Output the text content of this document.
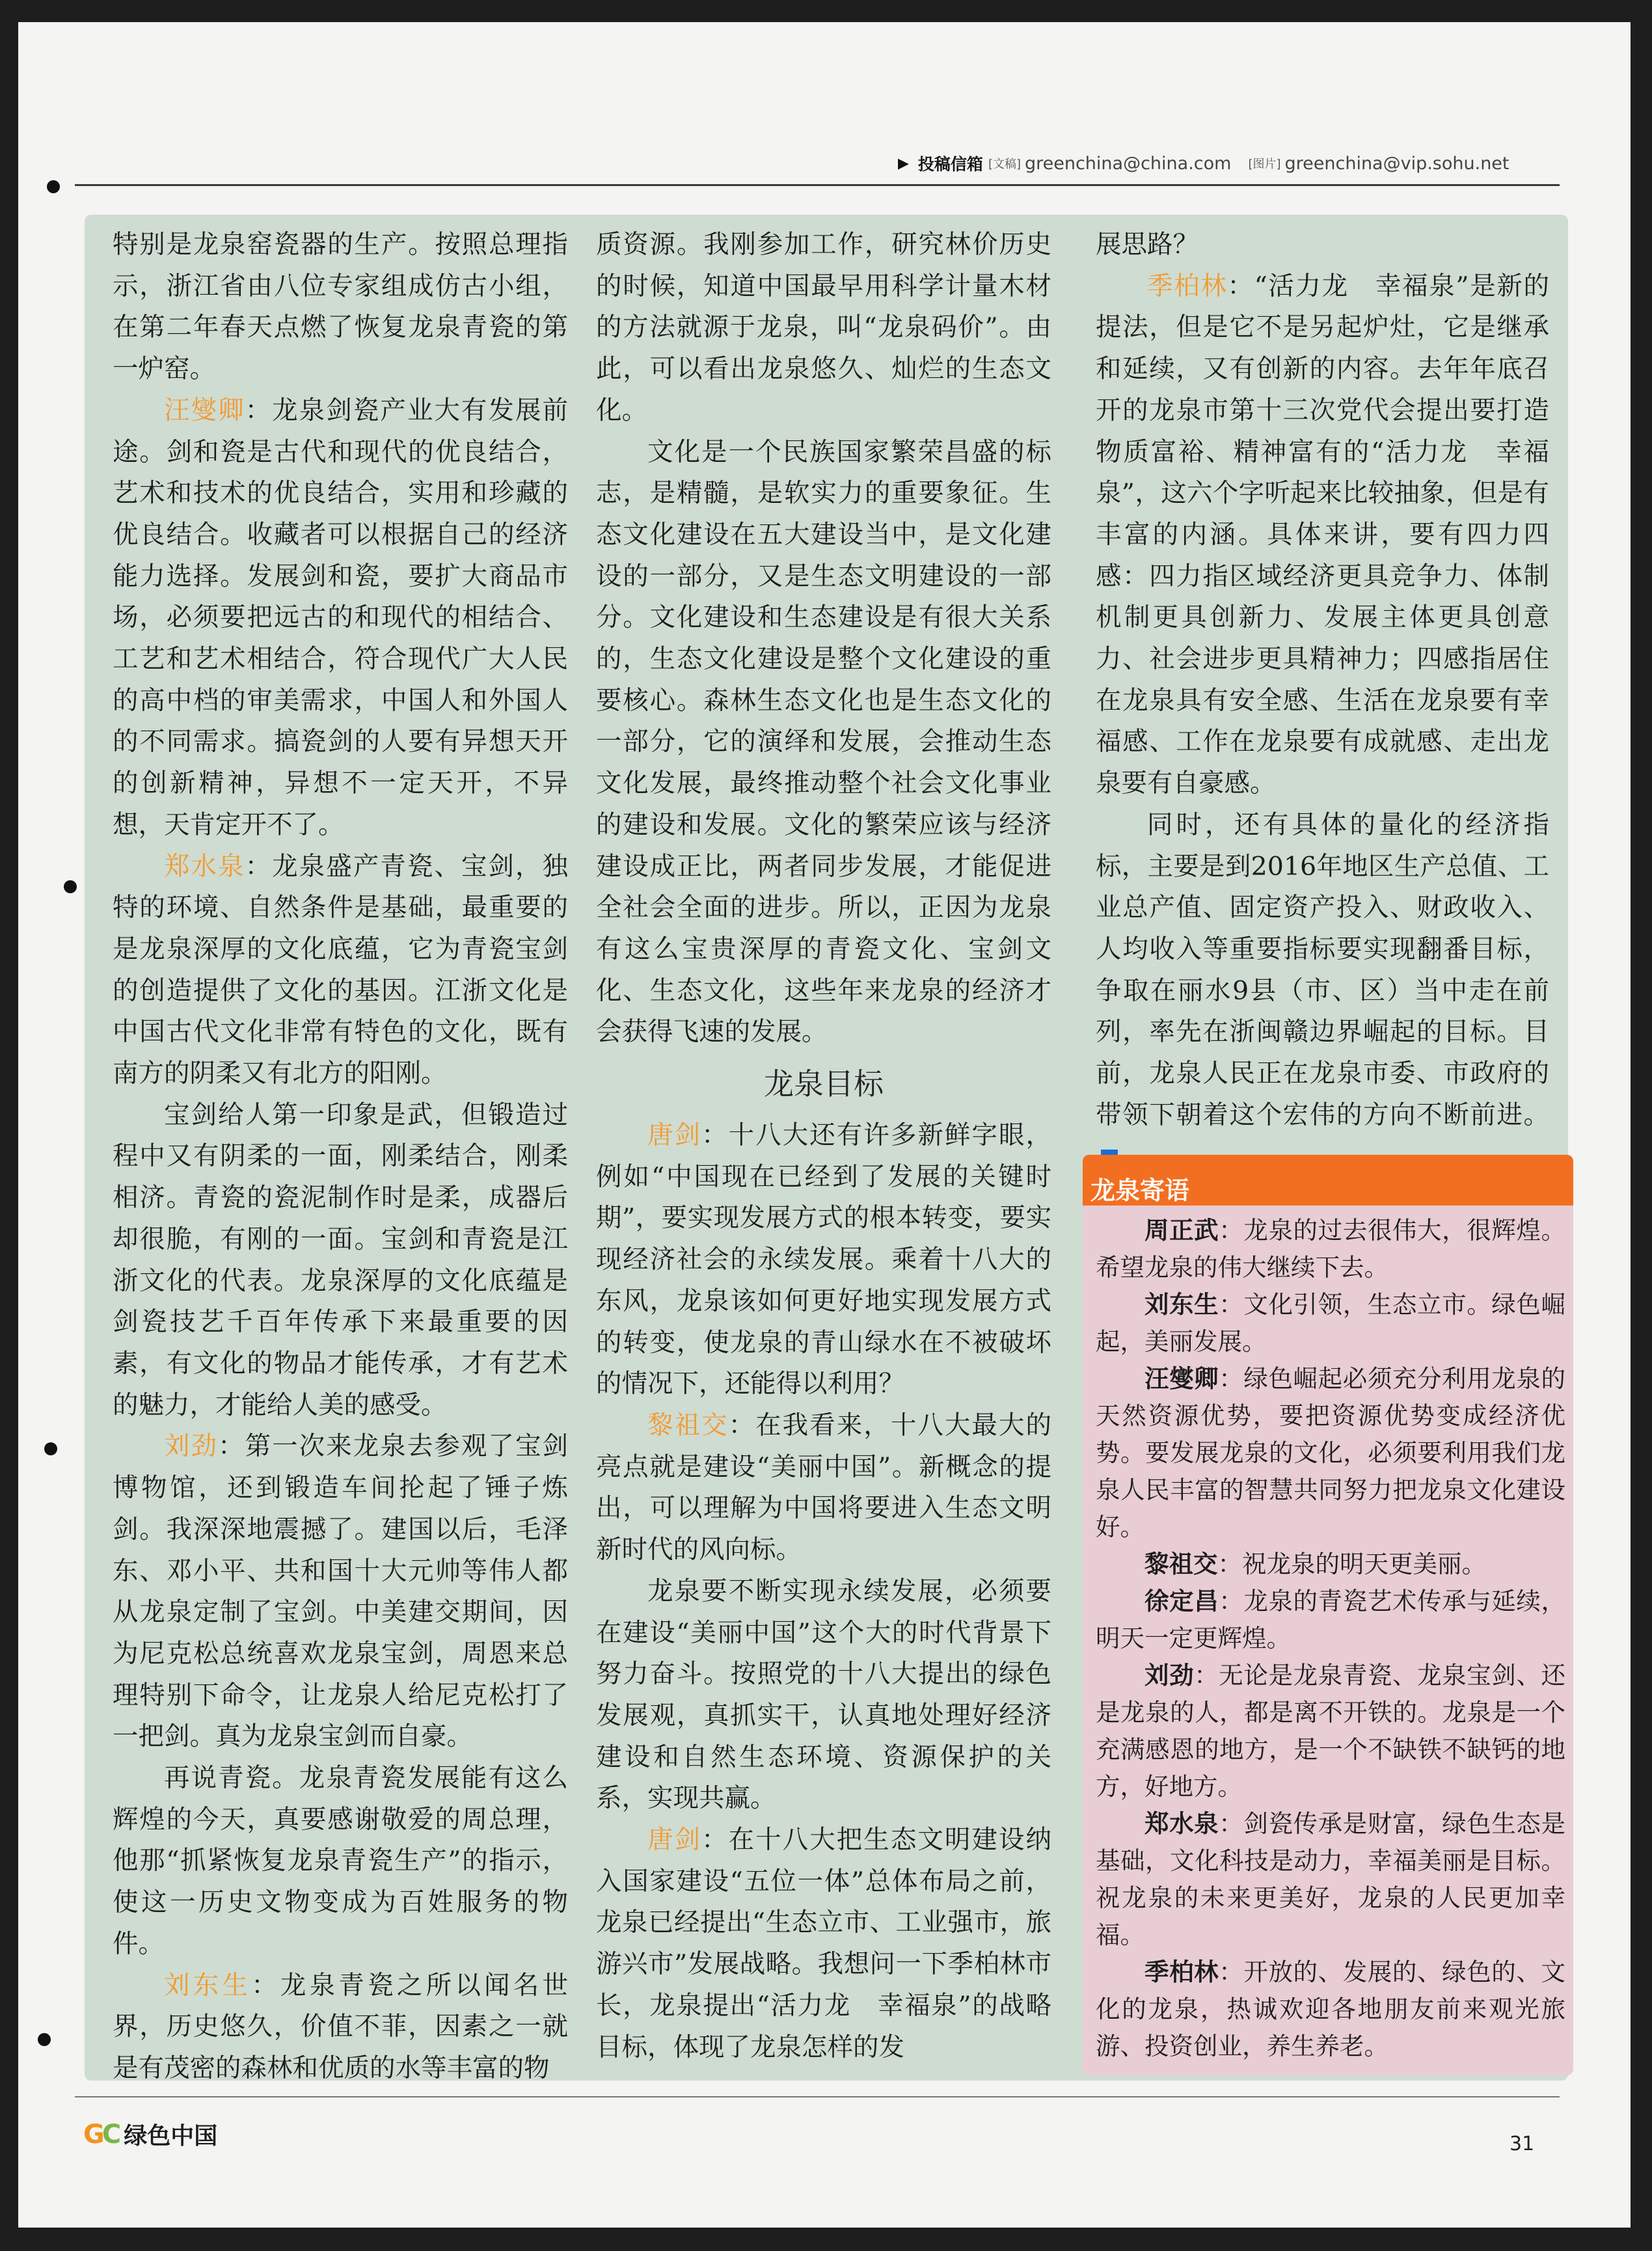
▶ 投稿信箱 [文稿] greenchina@china.com [图片] greenchina@vip.sohu.net

特别是龙泉窑瓷器的生产。按照总理指示，浙江省由八位专家组成仿古小组，在第二年春天点燃了恢复龙泉青瓷的第一炉窑。

汪燮卿：龙泉剑瓷产业大有发展前途。剑和瓷是古代和现代的优良结合，艺术和技术的优良结合，实用和珍藏的优良结合。收藏者可以根据自己的经济能力选择。发展剑和瓷，要扩大商品市场，必须要把远古的和现代的相结合、工艺和艺术相结合，符合现代广大人民的高中档的审美需求，中国人和外国人的不同需求。搞瓷剑的人要有异想天开的创新精神，异想不一定天开，不异想，天肯定开不了。

郑水泉：龙泉盛产青瓷、宝剑，独特的环境、自然条件是基础，最重要的是龙泉深厚的文化底蕴，它为青瓷宝剑的创造提供了文化的基因。江浙文化是中国古代文化非常有特色的文化，既有南方的阴柔又有北方的阳刚。

宝剑给人第一印象是武，但锻造过程中又有阴柔的一面，刚柔结合，刚柔相济。青瓷的瓷泥制作时是柔，成器后却很脆，有刚的一面。宝剑和青瓷是江浙文化的代表。龙泉深厚的文化底蕴是剑瓷技艺千百年传承下来最重要的因素，有文化的物品才能传承，才有艺术的魅力，才能给人美的感受。

刘劲：第一次来龙泉去参观了宝剑博物馆，还到锻造车间抡起了锤子炼剑。我深深地震撼了。建国以后，毛泽东、邓小平、共和国十大元帅等伟人都从龙泉定制了宝剑。中美建交期间，因为尼克松总统喜欢龙泉宝剑，周恩来总理特别下命令，让龙泉人给尼克松打了一把剑。真为龙泉宝剑而自豪。

再说青瓷。龙泉青瓷发展能有这么辉煌的今天，真要感谢敬爱的周总理，他那“抓紧恢复龙泉青瓷生产”的指示，使这一历史文物变成为百姓服务的物件。

刘东生：龙泉青瓷之所以闻名世界，历史悠久，价值不菲，因素之一就是有茂密的森林和优质的水等丰富的物

质资源。我刚参加工作，研究林价历史的时候，知道中国最早用科学计量木材的方法就源于龙泉，叫“龙泉码价”。由此，可以看出龙泉悠久、灿烂的生态文化。

文化是一个民族国家繁荣昌盛的标志，是精髓，是软实力的重要象征。生态文化建设在五大建设当中，是文化建设的一部分，又是生态文明建设的一部分。文化建设和生态建设是有很大关系的，生态文化建设是整个文化建设的重要核心。森林生态文化也是生态文化的一部分，它的演绎和发展，会推动生态文化发展，最终推动整个社会文化事业的建设和发展。文化的繁荣应该与经济建设成正比，两者同步发展，才能促进全社会全面的进步。所以，正因为龙泉有这么宝贵深厚的青瓷文化、宝剑文化、生态文化，这些年来龙泉的经济才会获得飞速的发展。

龙泉目标

唐剑：十八大还有许多新鲜字眼，例如“中国现在已经到了发展的关键时期”，要实现发展方式的根本转变，要实现经济社会的永续发展。乘着十八大的东风，龙泉该如何更好地实现发展方式的转变，使龙泉的青山绿水在不被破坏的情况下，还能得以利用？

黎祖交：在我看来，十八大最大的亮点就是建设“美丽中国”。新概念的提出，可以理解为中国将要进入生态文明新时代的风向标。

龙泉要不断实现永续发展，必须要在建设“美丽中国”这个大的时代背景下努力奋斗。按照党的十八大提出的绿色发展观，真抓实干，认真地处理好经济建设和自然生态环境、资源保护的关系，实现共赢。

唐剑：在十八大把生态文明建设纳入国家建设“五位一体”总体布局之前，龙泉已经提出“生态立市、工业强市，旅游兴市”发展战略。我想问一下季柏林市长，龙泉提出“活力龙　幸福泉”的战略目标，体现了龙泉怎样的发

展思路？

季柏林：“活力龙　幸福泉”是新的提法，但是它不是另起炉灶，它是继承和延续，又有创新的内容。去年年底召开的龙泉市第十三次党代会提出要打造物质富裕、精神富有的“活力龙　幸福泉”，这六个字听起来比较抽象，但是有丰富的内涵。具体来讲，要有四力四感：四力指区域经济更具竞争力、体制机制更具创新力、发展主体更具创意力、社会进步更具精神力；四感指居住在龙泉具有安全感、生活在龙泉要有幸福感、工作在龙泉要有成就感、走出龙泉要有自豪感。

同时，还有具体的量化的经济指标，主要是到2016年地区生产总值、工业总产值、固定资产投入、财政收入、人均收入等重要指标要实现翻番目标，争取在丽水9县（市、区）当中走在前列，率先在浙闽赣边界崛起的目标。目前，龙泉人民正在龙泉市委、市政府的带领下朝着这个宏伟的方向不断前进。

龙泉寄语

周正武：龙泉的过去很伟大，很辉煌。希望龙泉的伟大继续下去。

刘东生：文化引领，生态立市。绿色崛起，美丽发展。

汪燮卿：绿色崛起必须充分利用龙泉的天然资源优势，要把资源优势变成经济优势。要发展龙泉的文化，必须要利用我们龙泉人民丰富的智慧共同努力把龙泉文化建设好。

黎祖交：祝龙泉的明天更美丽。

徐定昌：龙泉的青瓷艺术传承与延续，明天一定更辉煌。

刘劲：无论是龙泉青瓷、龙泉宝剑、还是龙泉的人，都是离不开铁的。龙泉是一个充满感恩的地方，是一个不缺铁不缺钙的地方，好地方。

郑水泉：剑瓷传承是财富，绿色生态是基础，文化科技是动力，幸福美丽是目标。祝龙泉的未来更美好，龙泉的人民更加幸福。

季柏林：开放的、发展的、绿色的、文化的龙泉，热诚欢迎各地朋友前来观光旅游、投资创业，养生养老。

G
C 绿色中国	31
